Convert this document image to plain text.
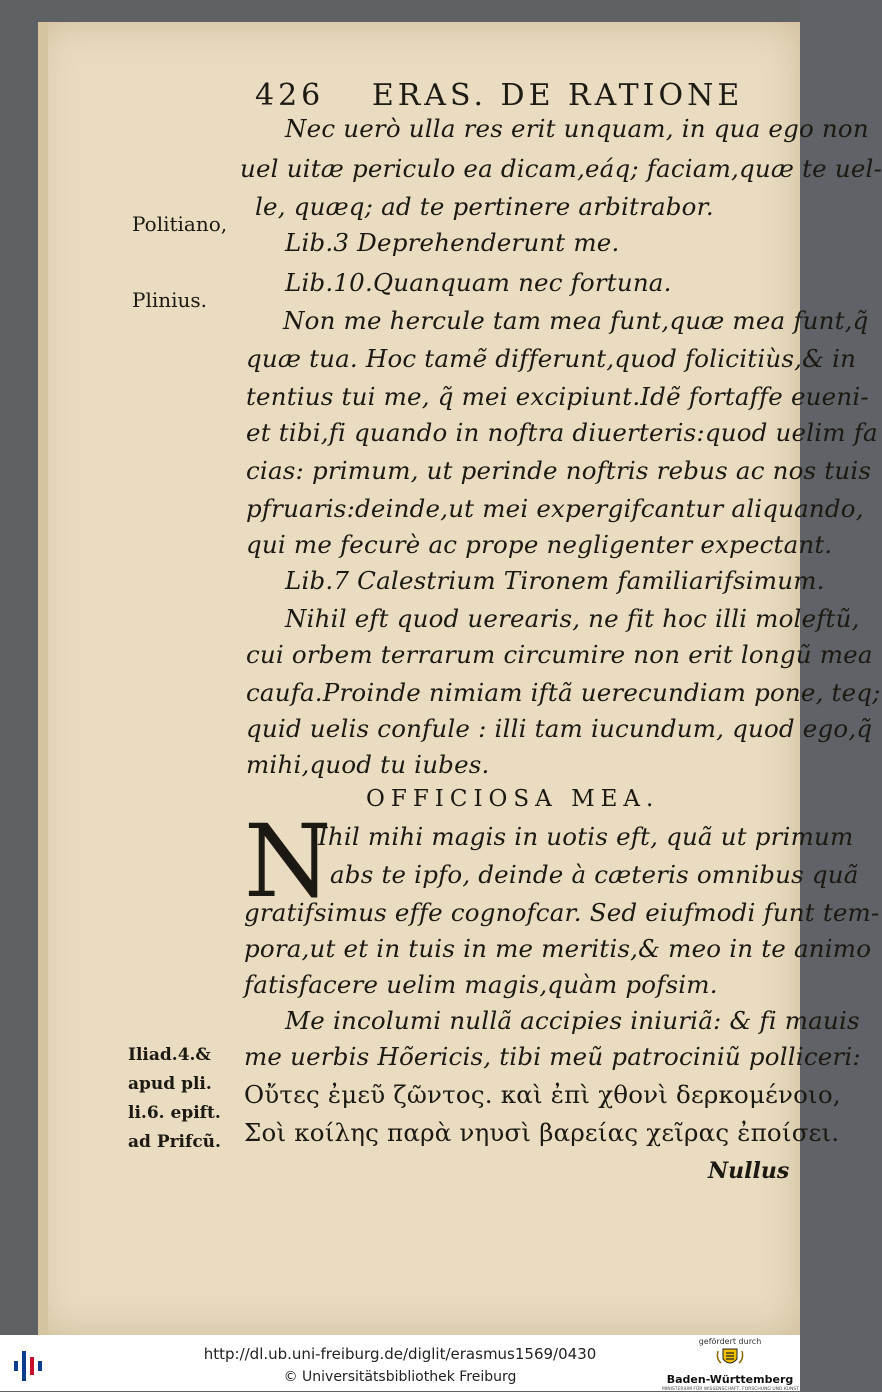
426 ERAS. DE RATIONE
Politiano,
Plinius.
Iliad.4.&
apud pli.
li.6. epift.
ad Prifcũ.
Nec uerò ulla res erit unquam, in qua ego non
uel uitæ periculo ea dicam,eáq; faciam,quæ te uel-
le, quæq; ad te pertinere arbitrabor.
Lib.3 Deprehenderunt me.
Lib.10.Quanquam nec fortuna.
Non me hercule tam mea funt,quæ mea funt,q̃
quæ tua. Hoc tamẽ differunt,quod folicitiùs,& in
tentius tui me, q̃ mei excipiunt.Idẽ fortaffe eueni-
et tibi,fi quando in noftra diuerteris:quod uelim fa
cias: primum, ut perinde noftris rebus ac nos tuis
pfruaris:deinde,ut mei expergifcantur aliquando,
qui me fecurè ac prope negligenter expectant.
Lib.7 Calestrium Tironem familiarifsimum.
Nihil eft quod uerearis, ne fit hoc illi moleftũ,
cui orbem terrarum circumire non erit longũ mea
caufa.Proinde nimiam iftã uerecundiam pone, teq;
quid uelis confule : illi tam iucundum, quod ego,q̃
mihi,quod tu iubes.
OFFICIOSA MEA.
N
Ihil mihi magis in uotis eft, quã ut primum
abs te ipfo, deinde à cæteris omnibus quã
gratifsimus effe cognofcar. Sed eiufmodi funt tem-
pora,ut et in tuis in me meritis,& meo in te animo
fatisfacere uelim magis,quàm pofsim.
Me incolumi nullã accipies iniuriã: & fi mauis
me uerbis Hõericis, tibi meũ patrociniũ polliceri:
Οὔτες ἐμεῦ ζῶντος. καὶ ἐπὶ χθονὶ δερκομένοιο,
Σοὶ κοίλης παρὰ νηυσὶ βαρείας χεῖρας ἐποίσει.
Nullus
http://dl.ub.uni-freiburg.de/diglit/erasmus1569/0430
© Universitätsbibliothek Freiburg
gefördert durch
Baden-Württemberg
MINISTERIUM FÜR WISSENSCHAFT, FORSCHUNG UND KUNST
